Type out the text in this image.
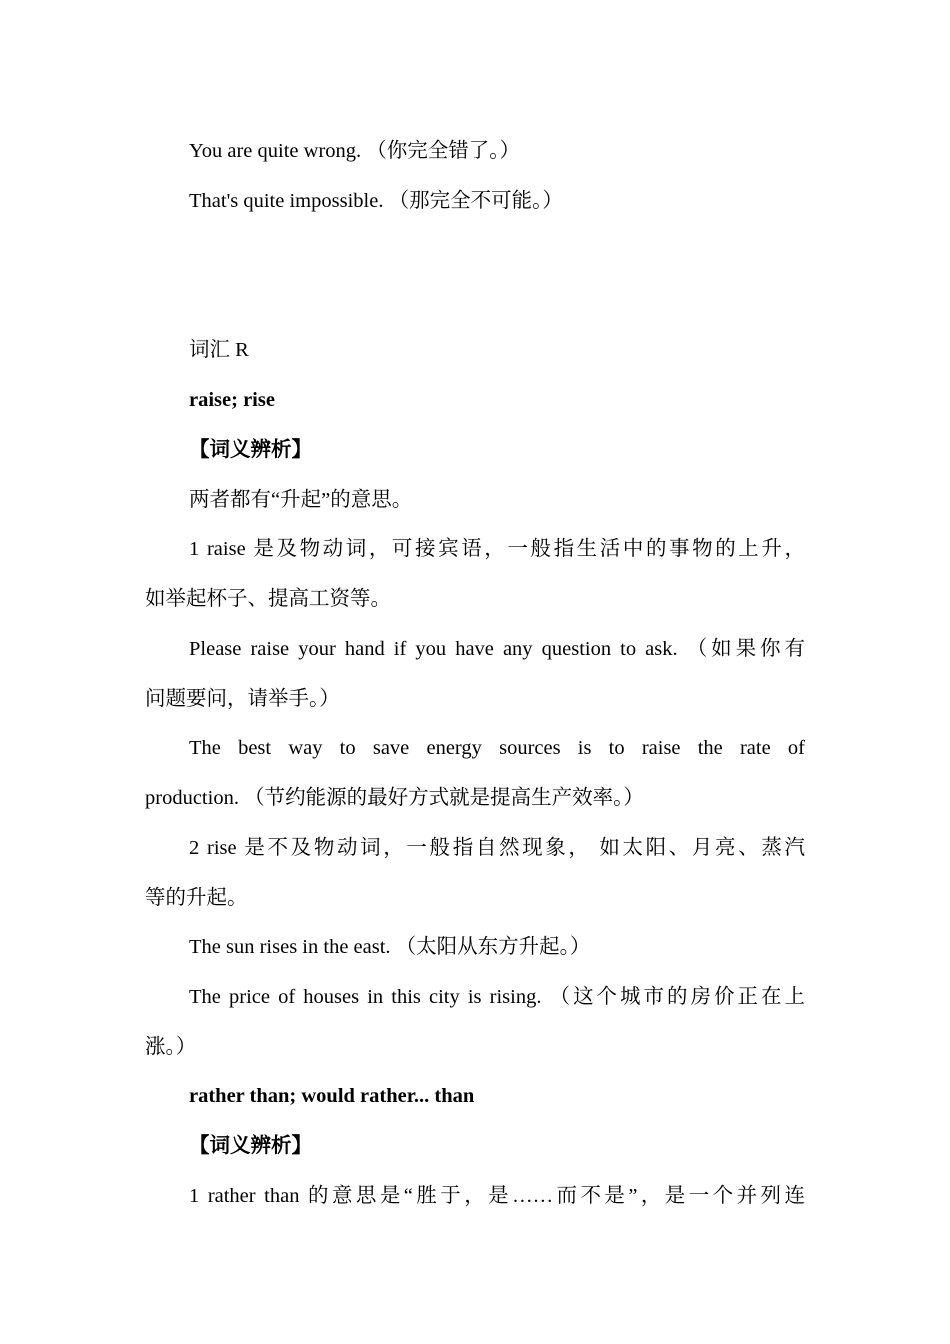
You are quite wrong. （你完全错了。）
That's quite impossible. （那完全不可能。）
词汇 R
raise; rise
【词义辨析】
两者都有“升起”的意思。
1 raise 是及物动词，可接宾语，一般指生活中的事物的上升，
如举起杯子、提高工资等。
Please raise your hand if you have any question to ask. （如果你有
问题要问，请举手。）
The best way to save energy sources is to raise the rate of
production. （节约能源的最好方式就是提高生产效率。）
2 rise 是不及物动词，一般指自然现象， 如太阳、月亮、蒸汽
等的升起。
The sun rises in the east. （太阳从东方升起。）
The price of houses in this city is rising. （这个城市的房价正在上
涨。）
rather than; would rather... than
【词义辨析】
1 rather than 的意思是“胜于，是……而不是”，是一个并列连
